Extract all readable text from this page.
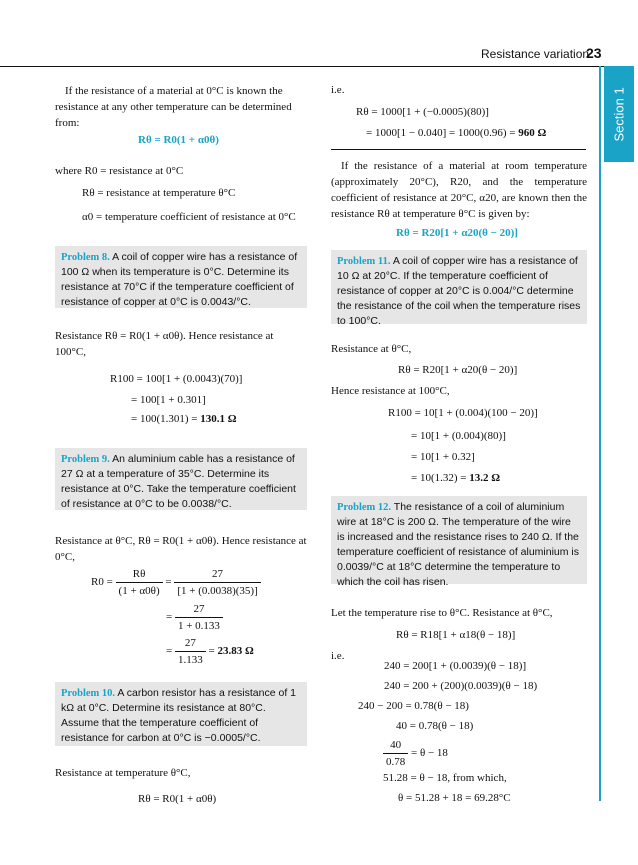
Resistance variation
23
Section 1
If the resistance of a material at 0°C is known the resistance at any other temperature can be determined from:
Rθ = R0(1 + α0θ)
where R0 = resistance at 0°C
Rθ = resistance at temperature θ°C
α0 = temperature coefficient of resistance at 0°C
Problem 8. A coil of copper wire has a resistance of 100 Ω when its temperature is 0°C. Determine its resistance at 70°C if the temperature coefficient of resistance of copper at 0°C is 0.0043/°C.
Resistance Rθ = R0(1 + α0θ). Hence resistance at 100°C,
R100 = 100[1 + (0.0043)(70)]
= 100[1 + 0.301]
= 100(1.301) = 130.1 Ω
Problem 9. An aluminium cable has a resistance of 27 Ω at a temperature of 35°C. Determine its resistance at 0°C. Take the temperature coefficient of resistance at 0°C to be 0.0038/°C.
Resistance at θ°C, Rθ = R0(1 + α0θ). Hence resistance at 0°C,
$R0 = \frac{R\theta}{(1 + \alpha 0\theta)} = \frac{27}{[1 + (0.0038)(35)]}$
= $\frac{27}{1 + 0.133}$
= $\frac{27}{1.133} = 23.83$ Ω
Problem 10. A carbon resistor has a resistance of 1 kΩ at 0°C. Determine its resistance at 80°C. Assume that the temperature coefficient of resistance for carbon at 0°C is −0.0005/°C.
Resistance at temperature θ°C,
Rθ = R0(1 + α0θ)
i.e.
Rθ = 1000[1 + (−0.0005)(80)]
= 1000[1 − 0.040] = 1000(0.96) = 960 Ω
If the resistance of a material at room temperature (approximately 20°C), R20, and the temperature coefficient of resistance at 20°C, α20, are known then the resistance Rθ at temperature θ°C is given by:
Rθ = R20[1 + α20(θ − 20)]
Problem 11. A coil of copper wire has a resistance of 10 Ω at 20°C. If the temperature coefficient of resistance of copper at 20°C is 0.004/°C determine the resistance of the coil when the temperature rises to 100°C.
Resistance at θ°C,
Rθ = R20[1 + α20(θ − 20)]
Hence resistance at 100°C,
R100 = 10[1 + (0.004)(100 − 20)]
= 10[1 + (0.004)(80)]
= 10[1 + 0.32]
= 10(1.32) = 13.2 Ω
Problem 12. The resistance of a coil of aluminium wire at 18°C is 200 Ω. The temperature of the wire is increased and the resistance rises to 240 Ω. If the temperature coefficient of resistance of aluminium is 0.0039/°C at 18°C determine the temperature to which the coil has risen.
Let the temperature rise to θ°C. Resistance at θ°C,
Rθ = R18[1 + α18(θ − 18)]
i.e.
240 = 200[1 + (0.0039)(θ − 18)]
240 = 200 + (200)(0.0039)(θ − 18)
240 − 200 = 0.78(θ − 18)
40 = 0.78(θ − 18)
$\frac{40}{0.78} = \theta - 18$
51.28 = θ − 18, from which,
θ = 51.28 + 18 = 69.28°C
